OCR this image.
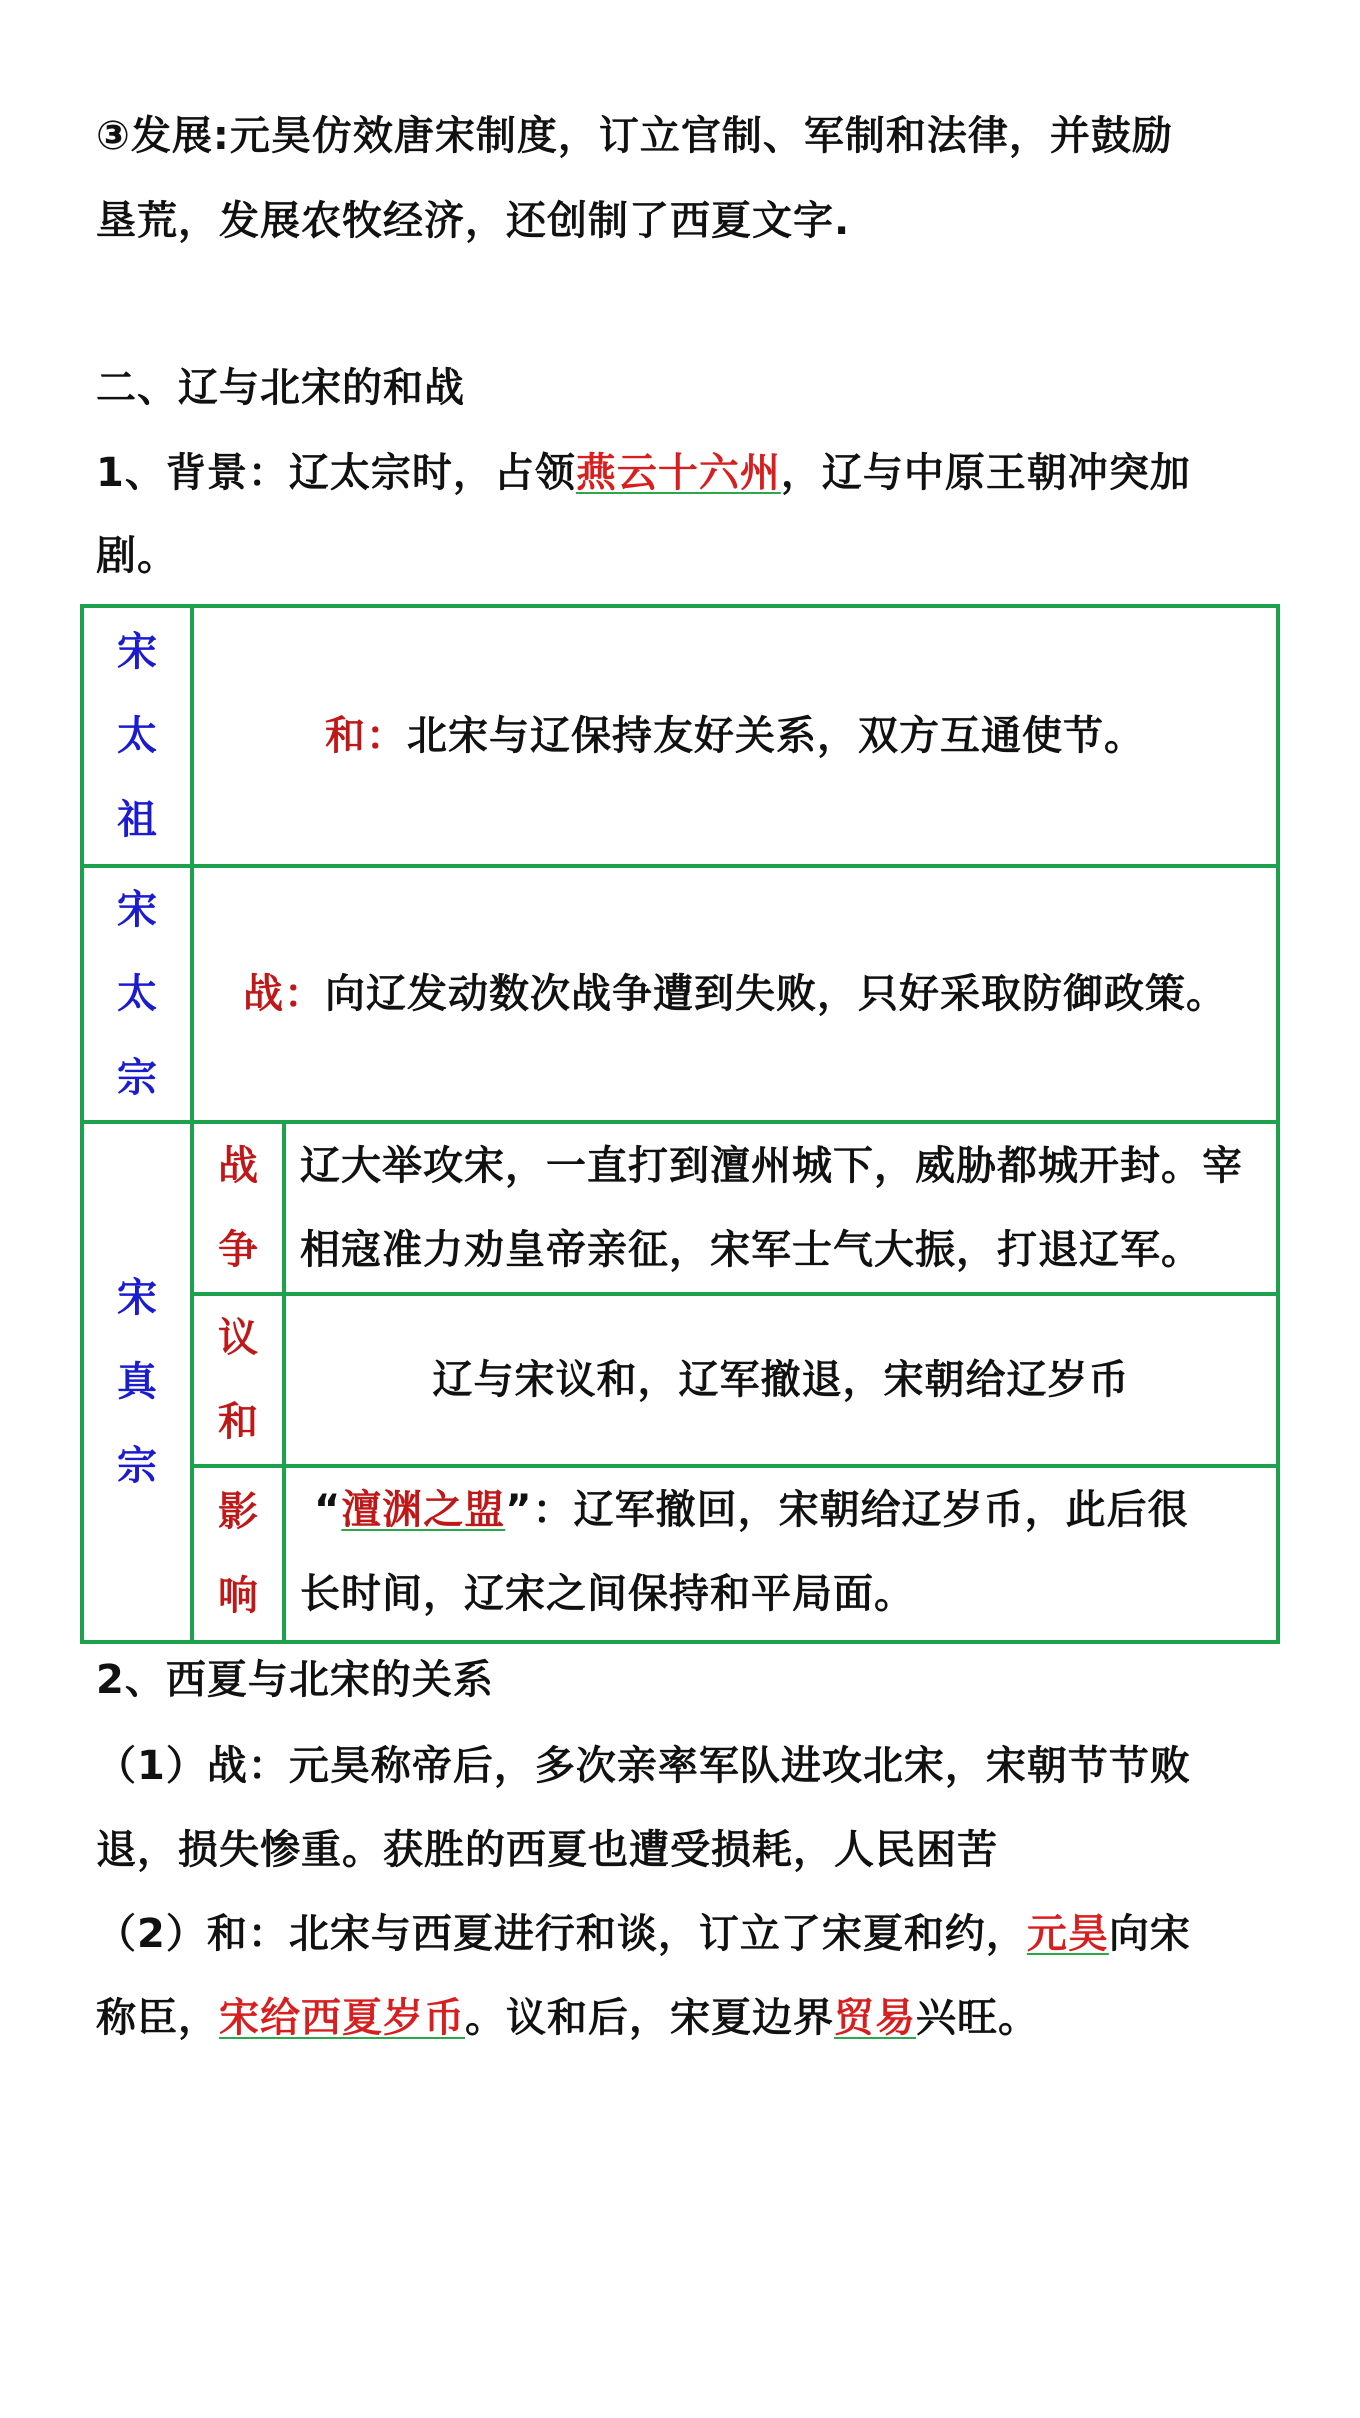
③发展:元昊仿效唐宋制度，订立官制、军制和法律，并鼓励
垦荒，发展农牧经济，还创制了西夏文字.
二、辽与北宋的和战
1、背景：辽太宗时，占领燕云十六州，辽与中原王朝冲突加
剧。
宋
太
祖
和： 北宋与辽保持友好关系，双方互通使节。
宋
太
宗
战： 向辽发动数次战争遭到失败，只好采取防御政策。
宋
真
宗
战
争
辽大举攻宋，一直打到澶州城下，威胁都城开封。宰
相寇准力劝皇帝亲征，宋军士气大振，打退辽军。
议
和
辽与宋议和，辽军撤退，宋朝给辽岁币
影
响
“澶渊之盟”：辽军撤回，宋朝给辽岁币，此后很
长时间，辽宋之间保持和平局面。
2、西夏与北宋的关系
（1）战：元昊称帝后，多次亲率军队进攻北宋，宋朝节节败
退，损失惨重。获胜的西夏也遭受损耗，人民困苦
（2）和：北宋与西夏进行和谈，订立了宋夏和约，元昊向宋
称臣，宋给西夏岁币。议和后，宋夏边界贸易兴旺。
